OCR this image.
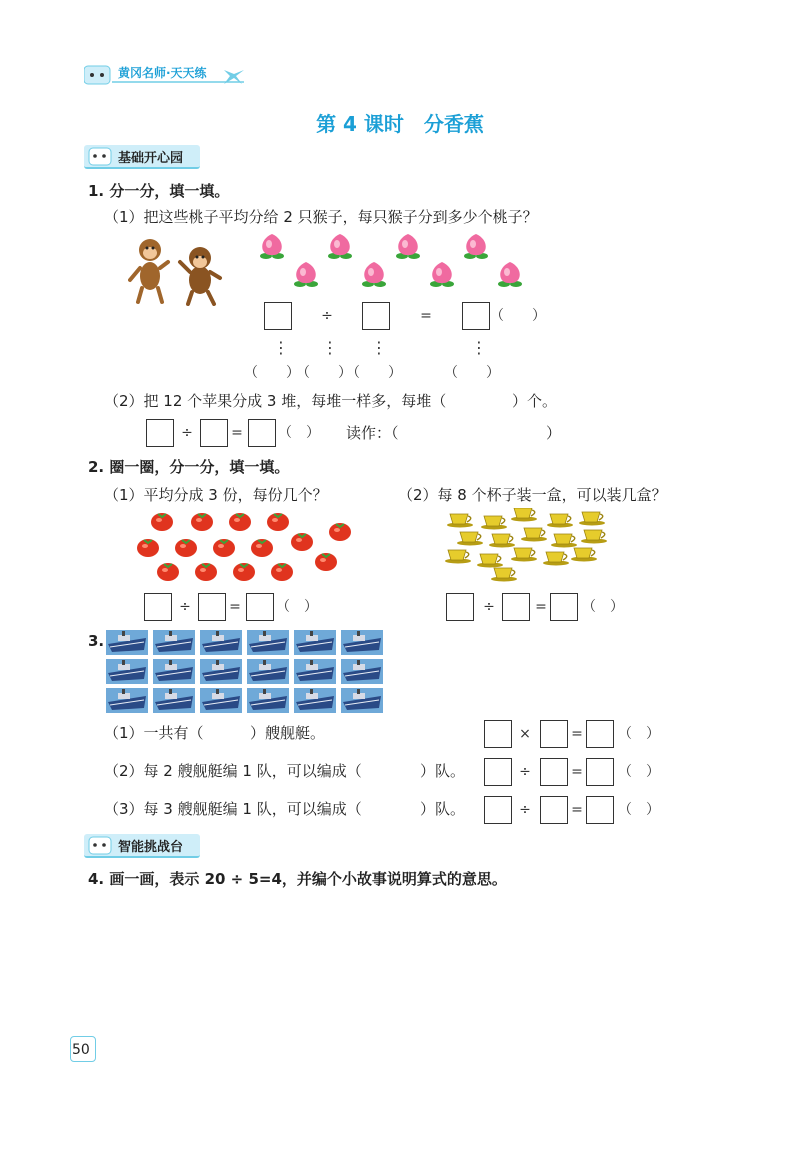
黄冈名师·天天练
第 4 课时　分香蕉
基础开心园
1. 分一分，填一填。
（1）把这些桃子平均分给 2 只猴子，每只猴子分到多少个桃子？
÷	=	（　　）
⋮ ⋮ ⋮	⋮
（　　）
（　　）
（　　）	（　　）
（2）把 12 个苹果分成 3 堆，每堆一样多，每堆（	）个。
÷	=	（　） 读作：（	）
2. 圈一圈，分一分，填一填。
（1）平均分成 3 份，每份几个？	（2）每 8 个杯子装一盒，可以装几盒？
÷	=	（　）	÷	=	（　）
3.
（1）一共有（	）艘舰艇。	×	=	（　）
（2）每 2 艘舰艇编 1 队，可以编成（	）队。	÷	=	（　）
（3）每 3 艘舰艇编 1 队，可以编成（	）队。	÷	=	（　）
智能挑战台
4. 画一画，表示 20 ÷ 5=4，并编个小故事说明算式的意思。
50
